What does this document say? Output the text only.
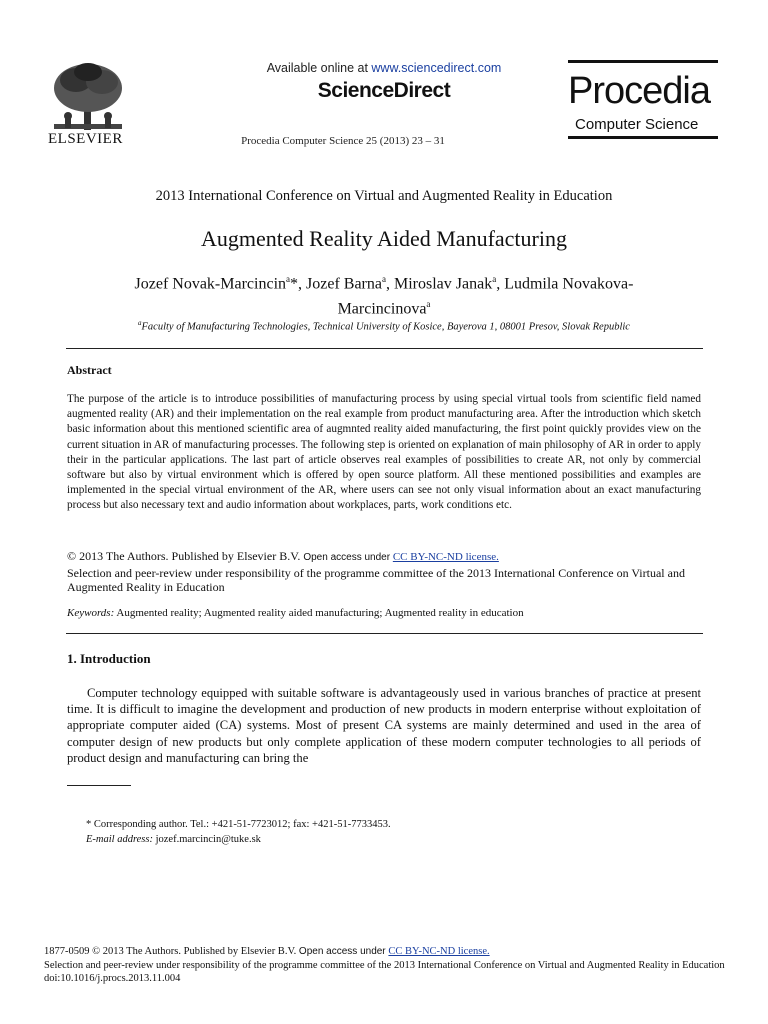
ELSEVIER
Available online at www.sciencedirect.com
ScienceDirect
Procedia Computer Science 25 (2013) 23 – 31
Procedia
Computer Science
2013 International Conference on Virtual and Augmented Reality in Education
Augmented Reality Aided Manufacturing
Jozef Novak-Marcincin$^a$*, Jozef Barna$^a$, Miroslav Janak$^a$, Ludmila Novakova-
Marcincinova$^a$
$^a$Faculty of Manufacturing Technologies, Technical University of Kosice, Bayerova 1, 08001 Presov, Slovak Republic
Abstract
The purpose of the article is to introduce possibilities of manufacturing process by using special virtual tools from scientific field named augmented reality (AR) and their implementation on the real example from product manufacturing area. After the introduction which sketch basic information about this mentioned scientific area of augmnted reality aided manufacturing, the first point quickly provides view on the current situation in AR of manufacturing processes. The following step is oriented on explanation of main philosophy of AR in order to apply their in the particular applications. The last part of article observes real examples of possibilities to create AR, not only by commercial software but also by virtual environment which is offered by open source platform. All these mentioned possibilities and examples are implemented in the special virtual environment of the AR, where users can see not only visual information about an exact manufacturing process but also necessary text and audio information about workplaces, parts, work conditions etc.
© 2013 The Authors. Published by Elsevier B.V. Open access under CC BY-NC-ND license.
Selection and peer-review under responsibility of the programme committee of the 2013 International Conference on Virtual and Augmented Reality in Education
Keywords: Augmented reality; Augmented reality aided manufacturing; Augmented reality in education
1. Introduction
Computer technology equipped with suitable software is advantageously used in various branches of practice at present time. It is difficult to imagine the development and production of new products in modern enterprise without exploitation of appropriate computer aided (CA) systems. Most of present CA systems are mainly determined and used in the area of computer design of new products but only complete application of these modern computer technologies to all periods of product design and manufacturing can bring the
* Corresponding author. Tel.: +421-51-7723012; fax: +421-51-7733453.
E-mail address: jozef.marcincin@tuke.sk
1877-0509 © 2013 The Authors. Published by Elsevier B.V. Open access under CC BY-NC-ND license.
Selection and peer-review under responsibility of the programme committee of the 2013 International Conference on Virtual and Augmented Reality in Education
doi:10.1016/j.procs.2013.11.004
